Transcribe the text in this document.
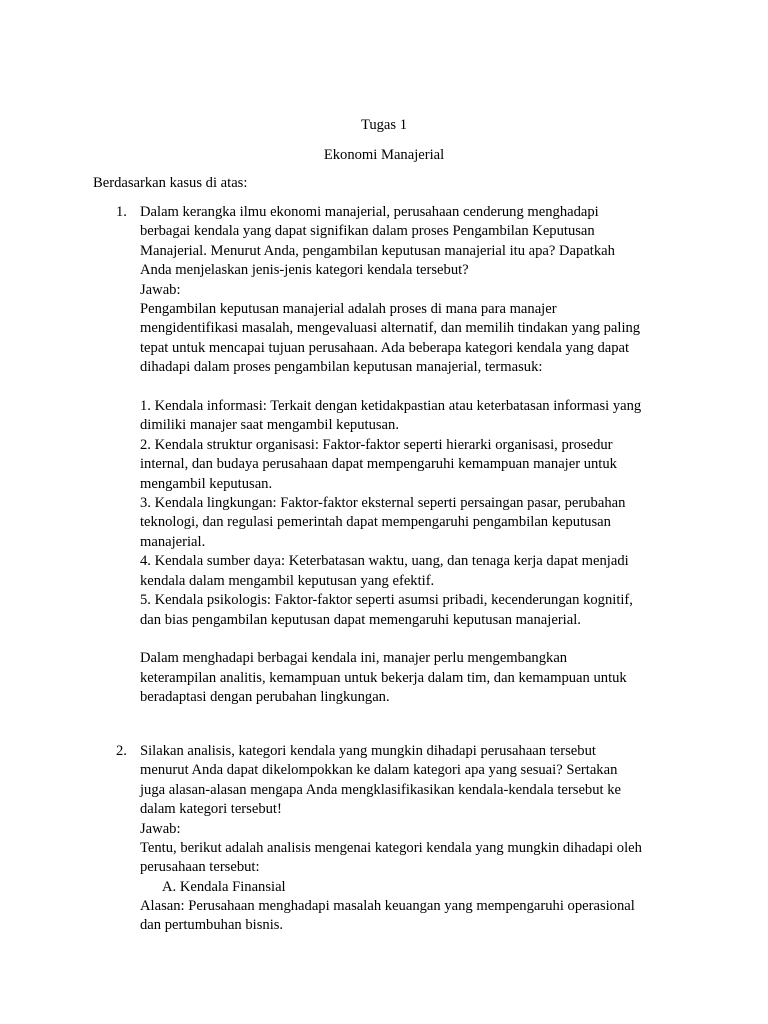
Tugas 1
Ekonomi Manajerial
Berdasarkan kasus di atas:
1. Dalam kerangka ilmu ekonomi manajerial, perusahaan cenderung menghadapi
berbagai kendala yang dapat signifikan dalam proses Pengambilan Keputusan
Manajerial. Menurut Anda, pengambilan keputusan manajerial itu apa? Dapatkah
Anda menjelaskan jenis-jenis kategori kendala tersebut?
Jawab:
Pengambilan keputusan manajerial adalah proses di mana para manajer
mengidentifikasi masalah, mengevaluasi alternatif, dan memilih tindakan yang paling
tepat untuk mencapai tujuan perusahaan. Ada beberapa kategori kendala yang dapat
dihadapi dalam proses pengambilan keputusan manajerial, termasuk:
1. Kendala informasi: Terkait dengan ketidakpastian atau keterbatasan informasi yang
dimiliki manajer saat mengambil keputusan.
2. Kendala struktur organisasi: Faktor-faktor seperti hierarki organisasi, prosedur
internal, dan budaya perusahaan dapat mempengaruhi kemampuan manajer untuk
mengambil keputusan.
3. Kendala lingkungan: Faktor-faktor eksternal seperti persaingan pasar, perubahan
teknologi, dan regulasi pemerintah dapat mempengaruhi pengambilan keputusan
manajerial.
4. Kendala sumber daya: Keterbatasan waktu, uang, dan tenaga kerja dapat menjadi
kendala dalam mengambil keputusan yang efektif.
5. Kendala psikologis: Faktor-faktor seperti asumsi pribadi, kecenderungan kognitif,
dan bias pengambilan keputusan dapat memengaruhi keputusan manajerial.
Dalam menghadapi berbagai kendala ini, manajer perlu mengembangkan
keterampilan analitis, kemampuan untuk bekerja dalam tim, dan kemampuan untuk
beradaptasi dengan perubahan lingkungan.
2. Silakan analisis, kategori kendala yang mungkin dihadapi perusahaan tersebut
menurut Anda dapat dikelompokkan ke dalam kategori apa yang sesuai? Sertakan
juga alasan-alasan mengapa Anda mengklasifikasikan kendala-kendala tersebut ke
dalam kategori tersebut!
Jawab:
Tentu, berikut adalah analisis mengenai kategori kendala yang mungkin dihadapi oleh
perusahaan tersebut:
A. Kendala Finansial
Alasan: Perusahaan menghadapi masalah keuangan yang mempengaruhi operasional
dan pertumbuhan bisnis.
